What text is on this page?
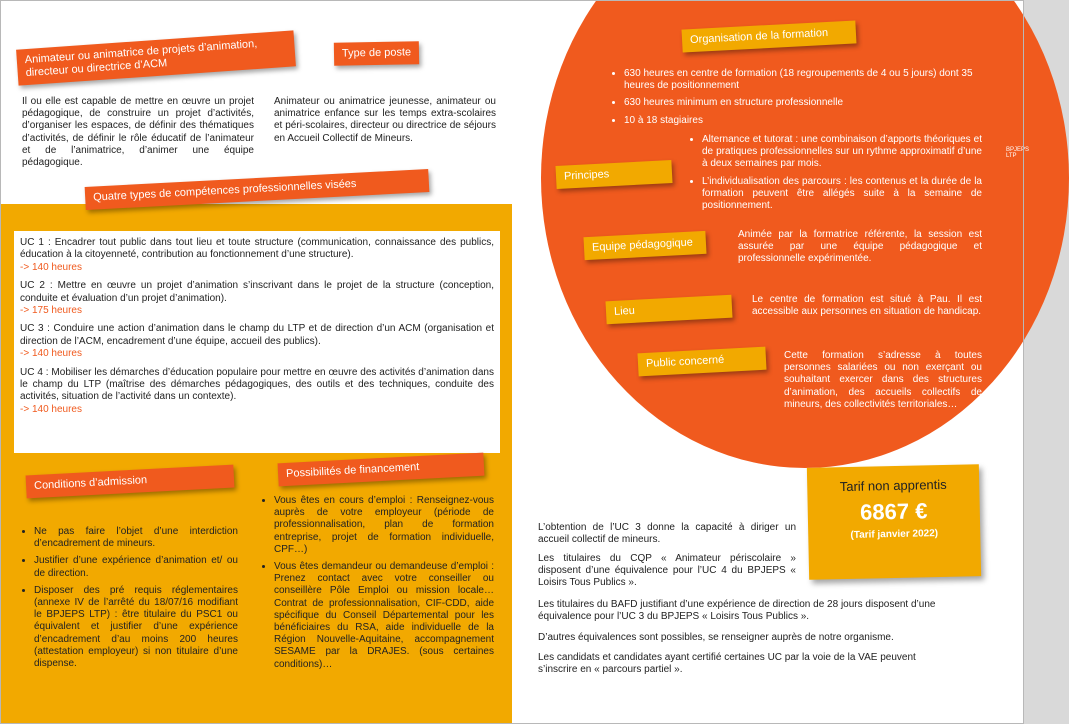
Animateur ou animatrice de projets d’animation, directeur ou directrice d’ACM
Il ou elle est capable de mettre en œuvre un projet pédagogique, de construire un projet d’activités, d’organiser les espaces, de définir des thématiques d’activités, de définir le rôle éducatif de l’animateur et de l’animatrice, d’animer une équipe pédagogique.
Type de poste
Animateur ou animatrice jeunesse, animateur ou animatrice enfance sur les temps extra-scolaires et péri-scolaires, directeur ou directrice de séjours en Accueil Collectif de Mineurs.
Quatre types de compétences professionnelles visées

UC 1 : Encadrer tout public dans tout lieu et toute structure (communication, connaissance des publics, éducation à la citoyenneté, contribution au fonctionnement d’une structure).

-> 140 heures

UC 2 : Mettre en œuvre un projet d’animation s’inscrivant dans le projet de la structure (conception, conduite et évaluation d’un projet d’animation).

-> 175 heures

UC 3 : Conduire une action d’animation dans le champ du LTP et de direction d’un ACM (organisation et direction de l’ACM, encadrement d’une équipe, accueil des publics).

-> 140 heures

UC 4 : Mobiliser les démarches d’éducation populaire pour mettre en œuvre des activités d’animation dans le champ du LTP (maîtrise des démarches pédagogiques, des outils et des techniques, conduite des activités, situation de l’activité dans un contexte).

-> 140 heures

Conditions d’admission
• Ne pas faire l’objet d’une interdiction d’encadrement de mineurs.
• Justifier d’une expérience d’animation et/ ou de direction.
• Disposer des pré requis réglementaires (annexe IV de l’arrêté du 18/07/16 modifiant le BPJEPS LTP) : être titulaire du PSC1 ou équivalent et justifier d’une expérience d’encadrement d’au moins 200 heures (attestation employeur) si non titulaire d’une dispense.
Possibilités de financement
• Vous êtes en cours d’emploi : Renseignez-vous auprès de votre employeur (période de professionnalisation, plan de formation entreprise, projet de formation individuelle, CPF…)
• Vous êtes demandeur ou demandeuse d’emploi : Prenez contact avec votre conseiller ou conseillère Pôle Emploi ou mission locale… Contrat de professionnalisation, CIF-CDD, aide spécifique du Conseil Départemental pour les bénéficiaires du RSA, aide individuelle de la Région Nouvelle-Aquitaine, accompagnement SESAME par la DRAJES. (sous certaines conditions)…
Organisation de la formation
• 630 heures en centre de formation (18 regroupements de 4 ou 5 jours) dont 35 heures de positionnement
• 630 heures minimum en structure professionnelle
• 10 à 18 stagiaires
Principes
• Alternance et tutorat : une combinaison d’apports théoriques et de pratiques professionnelles sur un rythme approximatif d’une à deux semaines par mois.
• L’individualisation des parcours : les contenus et la durée de la formation peuvent être allégés suite à la semaine de positionnement.
Equipe pédagogique
Animée par la formatrice référente, la session est assurée par une équipe pédagogique et professionnelle expérimentée.
Lieu
Le centre de formation est situé à Pau. Il est accessible aux personnes en situation de handicap.
Public concerné	Cette formation s’adresse à toutes personnes salariées ou non exerçant ou souhaitant exercer dans des structures d’animation, des accueils collectifs de mineurs, des collectivités territoriales…
Tarif non apprentis
6867 €
(Tarif janvier 2022)
L’obtention de l’UC 3 donne la capacité à diriger un accueil collectif de mineurs.
Les titulaires du CQP « Animateur périscolaire » disposent d’une équivalence pour l’UC 4 du BPJEPS « Loisirs Tous Publics ».
Les titulaires du BAFD justifiant d’une expérience de direction de 28 jours disposent d’une équivalence pour l’UC 3 du BPJEPS « Loisirs Tous Publics ».
D’autres équivalences sont possibles, se renseigner auprès de notre organisme.
Les candidats et candidates ayant certifié certaines UC par la voie de la VAE peuvent s’inscrire en « parcours partiel ».
BPJEPS LTP
